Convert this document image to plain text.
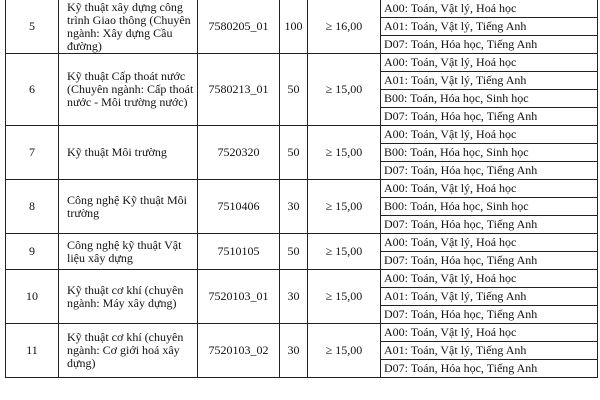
5	Kỹ thuật xây dựng công trình Giao thông (Chuyên ngành: Xây dựng Cầu đường)	7580205_01	100	≥ 16,00	A00: Toán, Vật lý, Hoá học
					A01: Toán, Vật lý, Tiếng Anh
					D07: Toán, Hóa học, Tiếng Anh
6	Kỹ thuật Cấp thoát nước (Chuyên ngành: Cấp thoát nước - Môi trường nước)	7580213_01	50	≥ 15,00	A00: Toán, Vật lý, Hoá học
					A01: Toán, Vật lý, Tiếng Anh
					B00: Toán, Hóa học, Sinh học
					D07: Toán, Hóa học, Tiếng Anh
7	Kỹ thuật Môi trường	7520320	50	≥ 15,00	A00: Toán, Vật lý, Hoá học
					B00: Toán, Hóa học, Sinh học
					D07: Toán, Hóa học, Tiếng Anh
8	Công nghệ Kỹ thuật Môi trường	7510406	30	≥ 15,00	A00: Toán, Vật lý, Hoá học
					B00: Toán, Hóa học, Sinh học
					D07: Toán, Hóa học, Tiếng Anh
9	Công nghệ kỹ thuật Vật liệu xây dựng	7510105	50	≥ 15,00	A00: Toán, Vật lý, Hoá học
					D07: Toán, Hóa học, Tiếng Anh
10	Kỹ thuật cơ khí (chuyên ngành: Máy xây dựng)	7520103_01	30	≥ 15,00	A00: Toán, Vật lý, Hoá học
					A01: Toán, Vật lý, Tiếng Anh
					D07: Toán, Hóa học, Tiếng Anh
11	Kỹ thuật cơ khí (chuyên ngành: Cơ giới hoá xây dựng)	7520103_02	30	≥ 15,00	A00: Toán, Vật lý, Hoá học
					A01: Toán, Vật lý, Tiếng Anh
					D07: Toán, Hóa học, Tiếng Anh
